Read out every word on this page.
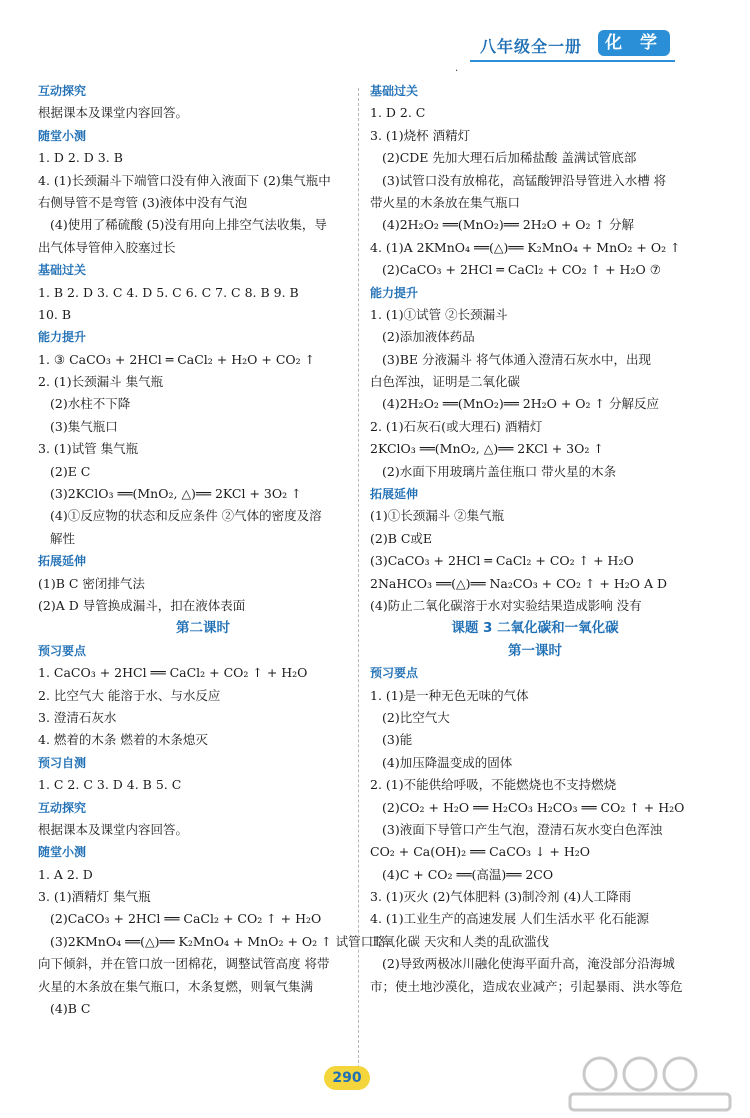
八年级全一册	化 学
·
互动探究
根据课本及课堂内容回答。
随堂小测
1. D 2. D 3. B
4. (1)长颈漏斗下端管口没有伸入液面下 (2)集气瓶中
右侧导管不是弯管 (3)液体中没有气泡
(4)使用了稀硫酸 (5)没有用向上排空气法收集，导
出气体导管伸入胶塞过长
基础过关
1. B 2. D 3. C 4. D 5. C 6. C 7. C 8. B 9. B
10. B
能力提升
1. ③ CaCO₃ + 2HCl ═ CaCl₂ + H₂O + CO₂ ↑
2. (1)长颈漏斗 集气瓶
(2)水柱不下降
(3)集气瓶口
3. (1)试管 集气瓶
(2)E C
(3)2KClO₃ ══(MnO₂, △)══ 2KCl + 3O₂ ↑
(4)①反应物的状态和反应条件 ②气体的密度及溶
解性
拓展延伸
(1)B C 密闭排气法
(2)A D 导管换成漏斗，扣在液体表面
第二课时
预习要点
1. CaCO₃ + 2HCl ══ CaCl₂ + CO₂ ↑ + H₂O
2. 比空气大 能溶于水、与水反应
3. 澄清石灰水
4. 燃着的木条 燃着的木条熄灭
预习自测
1. C 2. C 3. D 4. B 5. C
互动探究
根据课本及课堂内容回答。
随堂小测
1. A 2. D
3. (1)酒精灯 集气瓶
(2)CaCO₃ + 2HCl ══ CaCl₂ + CO₂ ↑ + H₂O
(3)2KMnO₄ ══(△)══ K₂MnO₄ + MnO₂ + O₂ ↑ 试管口略
向下倾斜，并在管口放一团棉花，调整试管高度 将带
火星的木条放在集气瓶口，木条复燃，则氧气集满
(4)B C
基础过关
1. D 2. C
3. (1)烧杯 酒精灯
(2)CDE 先加大理石后加稀盐酸 盖满试管底部
(3)试管口没有放棉花，高锰酸钾沿导管进入水槽 将
带火星的木条放在集气瓶口
(4)2H₂O₂ ══(MnO₂)══ 2H₂O + O₂ ↑ 分解
4. (1)A 2KMnO₄ ══(△)══ K₂MnO₄ + MnO₂ + O₂ ↑
(2)CaCO₃ + 2HCl ═ CaCl₂ + CO₂ ↑ + H₂O ⑦
能力提升
1. (1)①试管 ②长颈漏斗
(2)添加液体药品
(3)BE 分液漏斗 将气体通入澄清石灰水中，出现
白色浑浊，证明是二氧化碳
(4)2H₂O₂ ══(MnO₂)══ 2H₂O + O₂ ↑ 分解反应
2. (1)石灰石(或大理石) 酒精灯
2KClO₃ ══(MnO₂, △)══ 2KCl + 3O₂ ↑
(2)水面下用玻璃片盖住瓶口 带火星的木条
拓展延伸
(1)①长颈漏斗 ②集气瓶
(2)B C或E
(3)CaCO₃ + 2HCl ═ CaCl₂ + CO₂ ↑ + H₂O
2NaHCO₃ ══(△)══ Na₂CO₃ + CO₂ ↑ + H₂O A D
(4)防止二氧化碳溶于水对实验结果造成影响 没有
课题 3 二氧化碳和一氧化碳
第一课时
预习要点
1. (1)是一种无色无味的气体
(2)比空气大
(3)能
(4)加压降温变成的固体
2. (1)不能供给呼吸，不能燃烧也不支持燃烧
(2)CO₂ + H₂O ══ H₂CO₃ H₂CO₃ ══ CO₂ ↑ + H₂O
(3)液面下导管口产生气泡，澄清石灰水变白色浑浊
CO₂ + Ca(OH)₂ ══ CaCO₃ ↓ + H₂O
(4)C + CO₂ ══(高温)══ 2CO
3. (1)灭火 (2)气体肥料 (3)制冷剂 (4)人工降雨
4. (1)工业生产的高速发展 人们生活水平 化石能源
二氧化碳 天灾和人类的乱砍滥伐
(2)导致两极冰川融化使海平面升高，淹没部分沿海城
市；使土地沙漠化，造成农业减产；引起暴雨、洪水等危
290
